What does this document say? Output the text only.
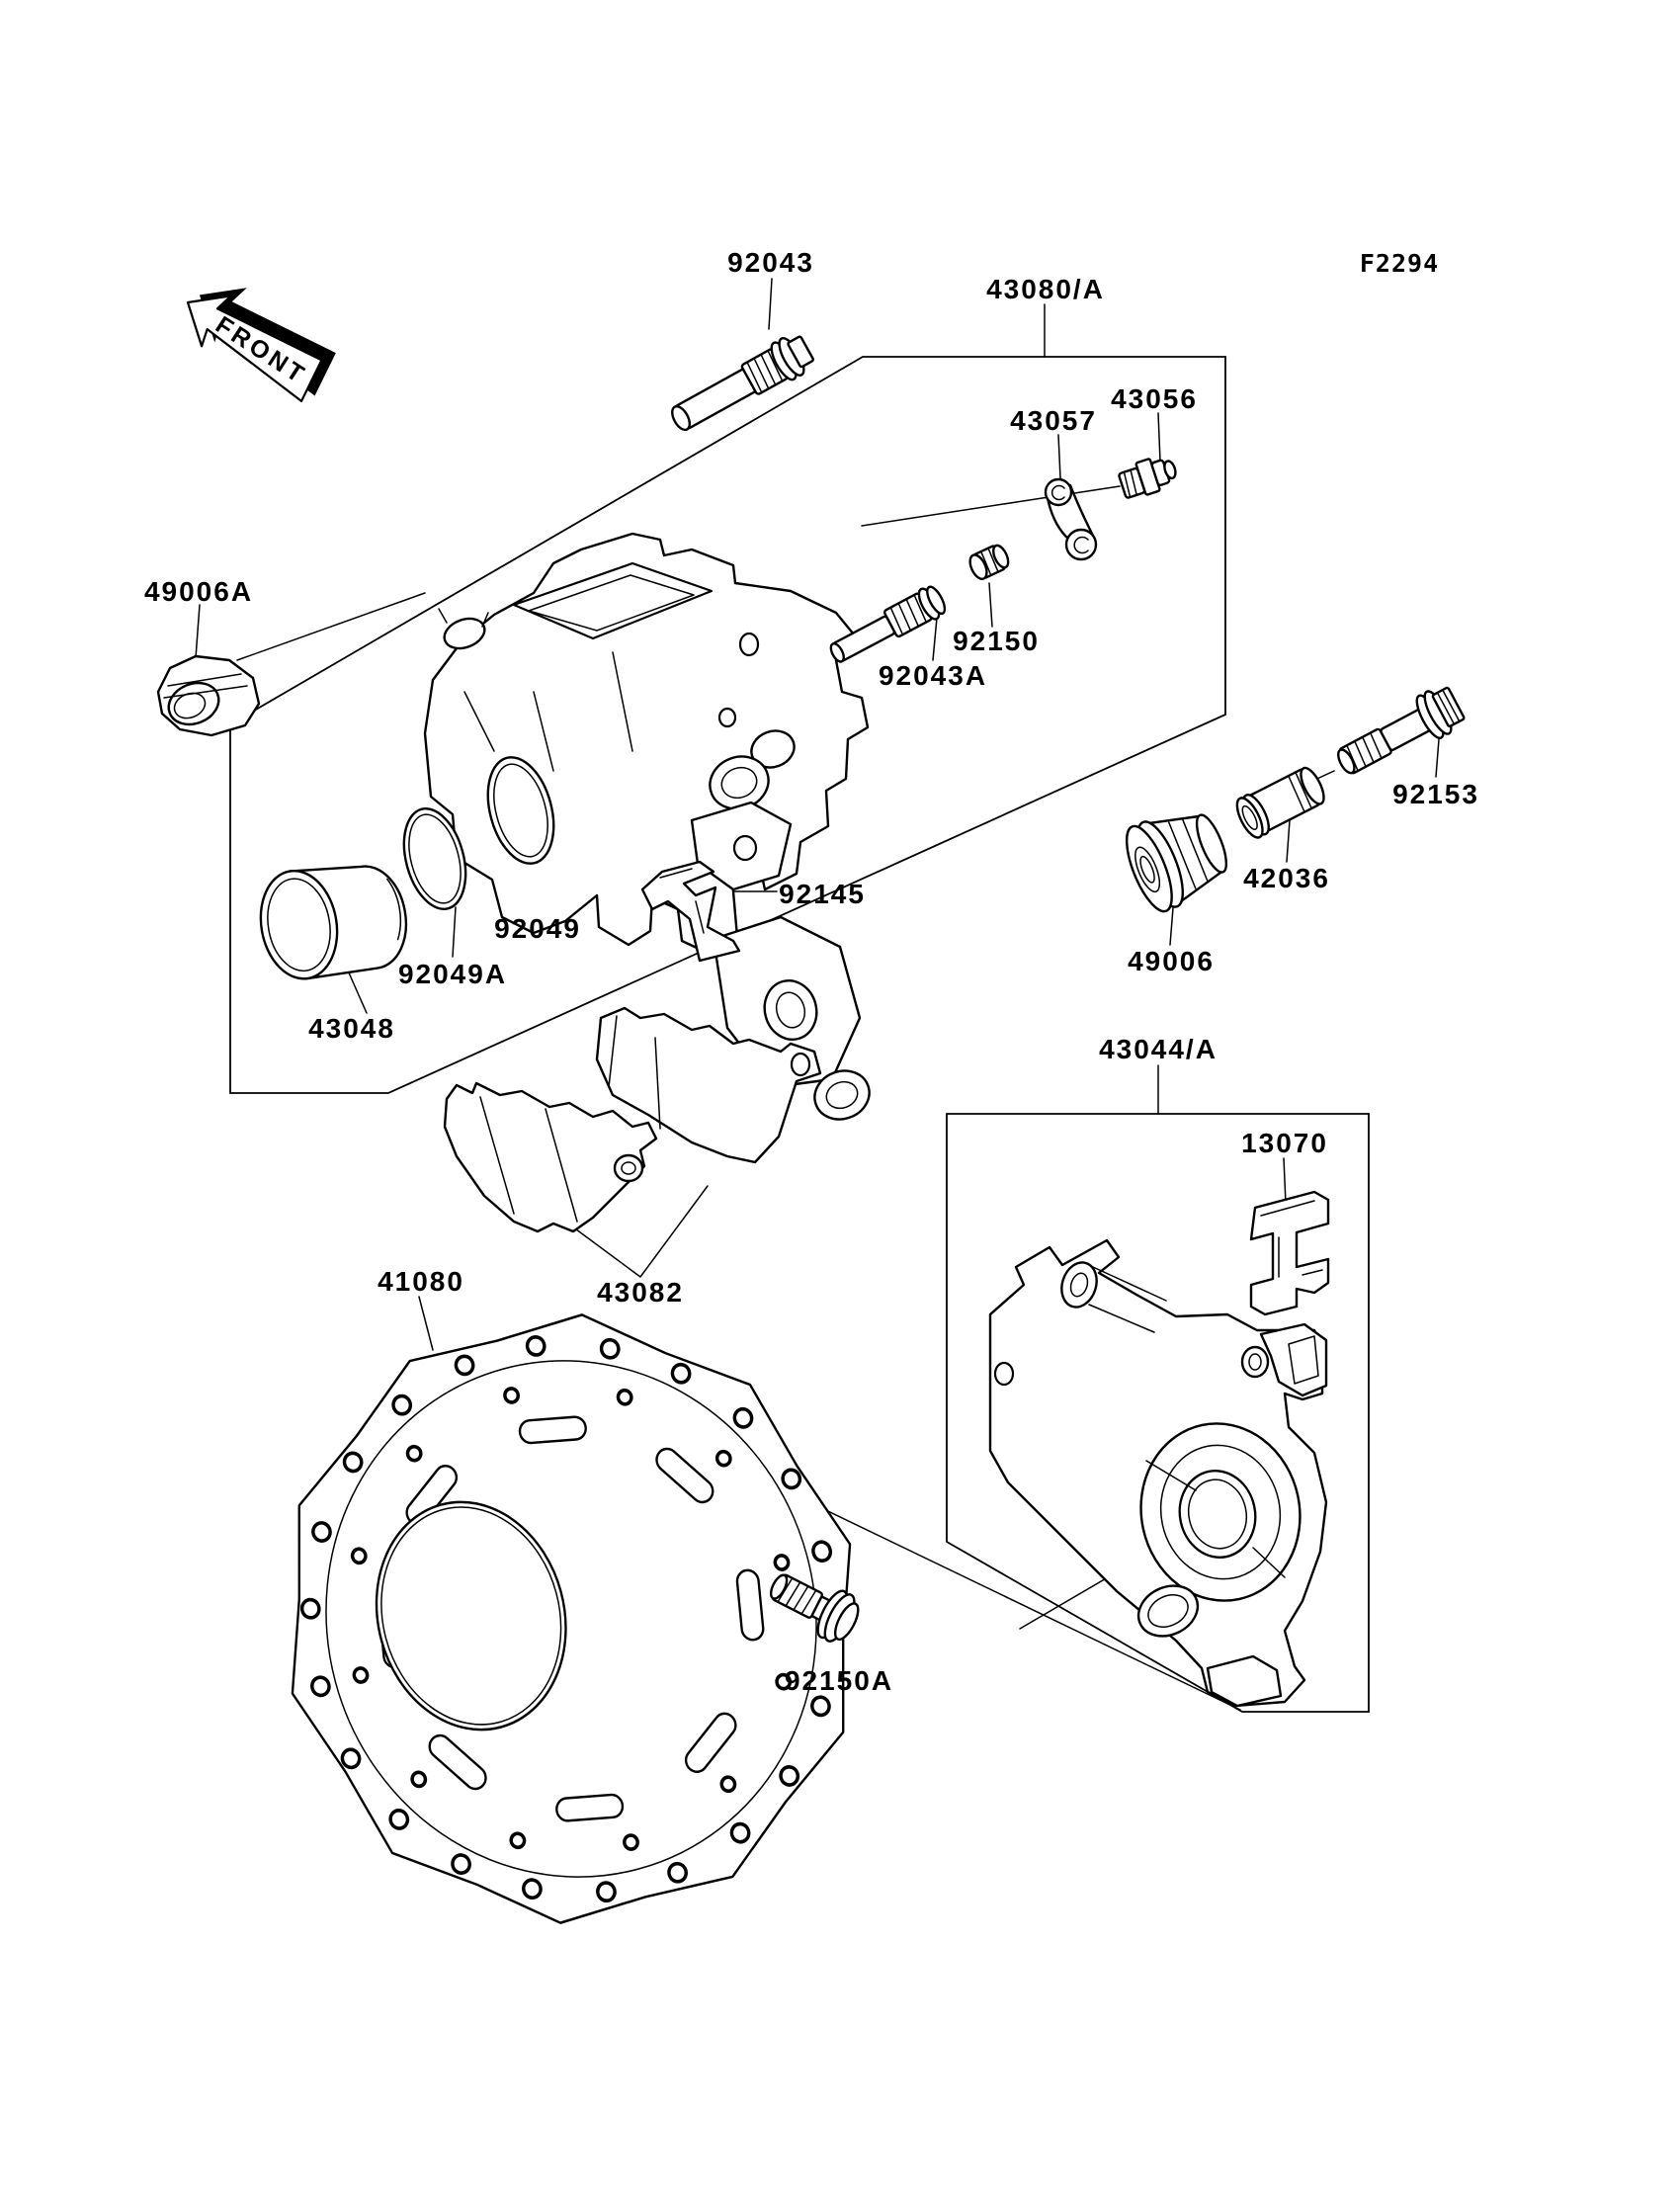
FRONT
92043
43080/A
43057
43056
49006A
92150
92043A
92153
42036
49006
92145
92049
92049A
43048
43044/A
13070
41080	43082
92150A
F2294
